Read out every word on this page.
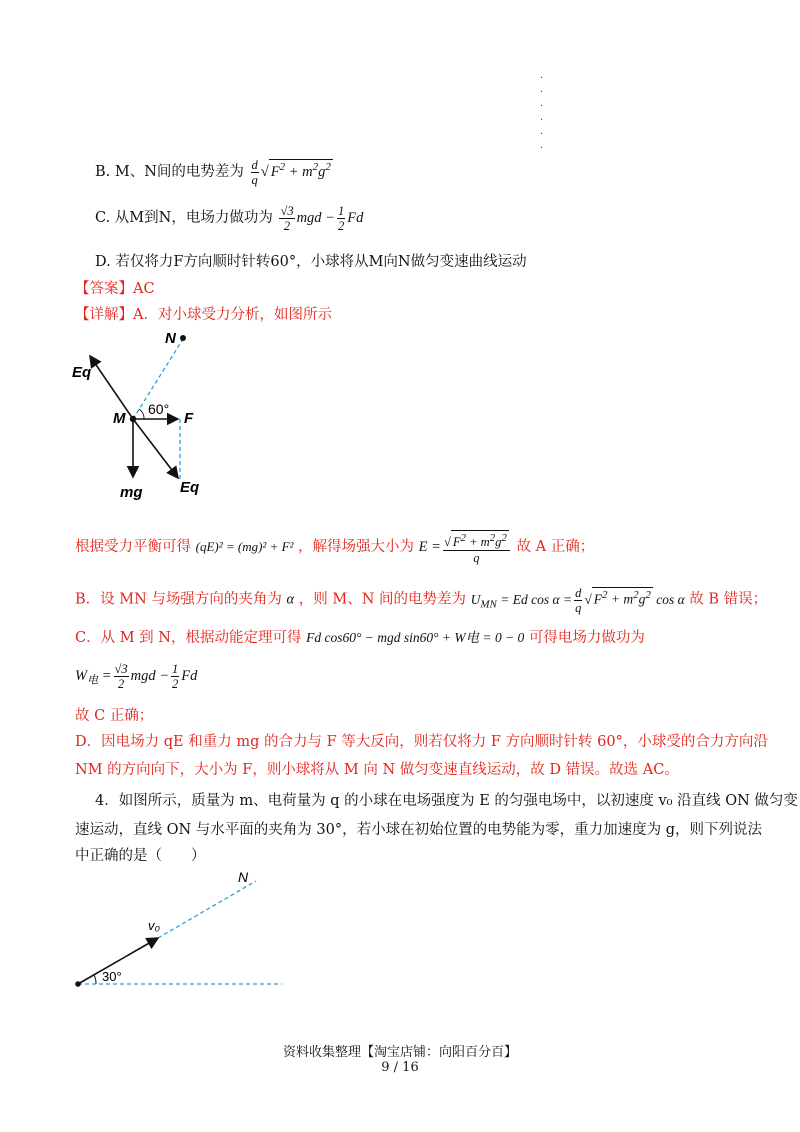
·
·
·
·
·
·
B. M、N间的电势差为 $\frac{d}{q}$ √ $F^2 + m^2g^2$
C. 从M到N，电场力做功为 $\frac{√3}{2}$ mgd − $\frac{1}{2}$ Fd
D. 若仅将力F方向顺时针转60°，小球将从M向N做匀变速曲线运动
【答案】AC
【详解】A．对小球受力分析，如图所示
N
Eq
M
60°
F
mg	Eq
根据受力平衡可得 (qE)² = (mg)² + F² ，解得场强大小为 $E = \frac{√ F^2 + m^2g^2}{q}$ 故 A 正确；
B．设 MN 与场强方向的夹角为 α ，则 M、N 间的电势差为 $U_{MN} = Ed$ $\cos \alpha = \frac{d}{q}$ √ $F^2 + m^2g^2$ cos α 故 B 错误；
C．从 M 到 N，根据动能定理可得 Fd cos60° − mgd sin60° + W电 = 0 − 0 可得电场力做功为
$W_电 = \frac{√3}{2}$ mgd − $\frac{1}{2}$ Fd
故 C 正确；
D．因电场力 qE 和重力 mg 的合力与 F 等大反向，则若仅将力 F 方向顺时针转 60°，小球受的合力方向沿
NM 的方向向下，大小为 F，则小球将从 M 向 N 做匀变速直线运动，故 D 错误。故选 AC。
4．如图所示，质量为 m、电荷量为 q 的小球在电场强度为 E 的匀强电场中，以初速度 v₀ 沿直线 ON 做匀变
速运动，直线 ON 与水平面的夹角为 30°，若小球在初始位置的电势能为零，重力加速度为 g，则下列说法
中正确的是（　　）
N
v₀
30°
资料收集整理【淘宝店铺：向阳百分百】
9 / 16
